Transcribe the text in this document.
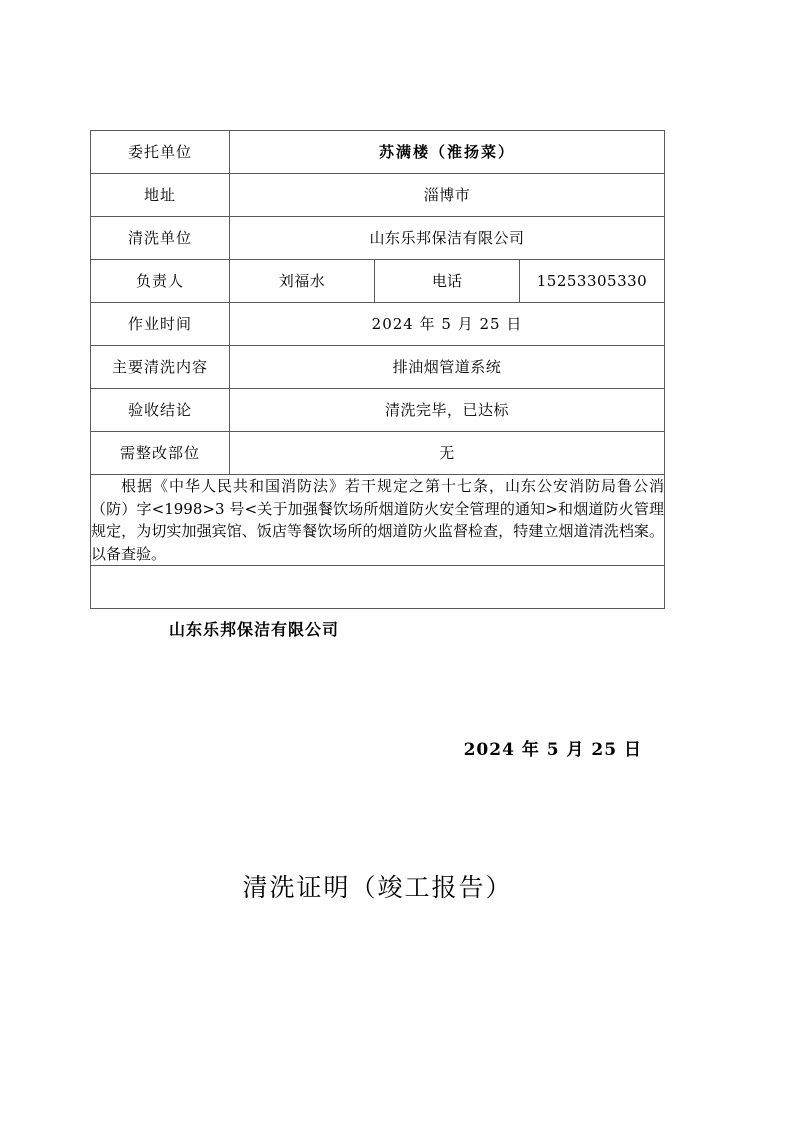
委托单位	苏满楼（淮扬菜）		
地址	淄博市		
清洗单位	山东乐邦保洁有限公司		
负责人	刘福水	电话	15253305330
作业时间	2024 年 5 月 25 日		
主要清洗内容	排油烟管道系统		
验收结论	清洗完毕，已达标		
需整改部位	无		

根据《中华人民共和国消防法》若干规定之第十七条，山东公安消防局鲁公消（防）字<1998>3 号<关于加强餐饮场所烟道防火安全管理的通知>和烟道防火管理规定，为切实加强宾馆、饭店等餐饮场所的烟道防火监督检查，特建立烟道清洗档案。以备查验。			

山东乐邦保洁有限公司
2024 年 5 月 25 日			
清洗证明（竣工报告）
